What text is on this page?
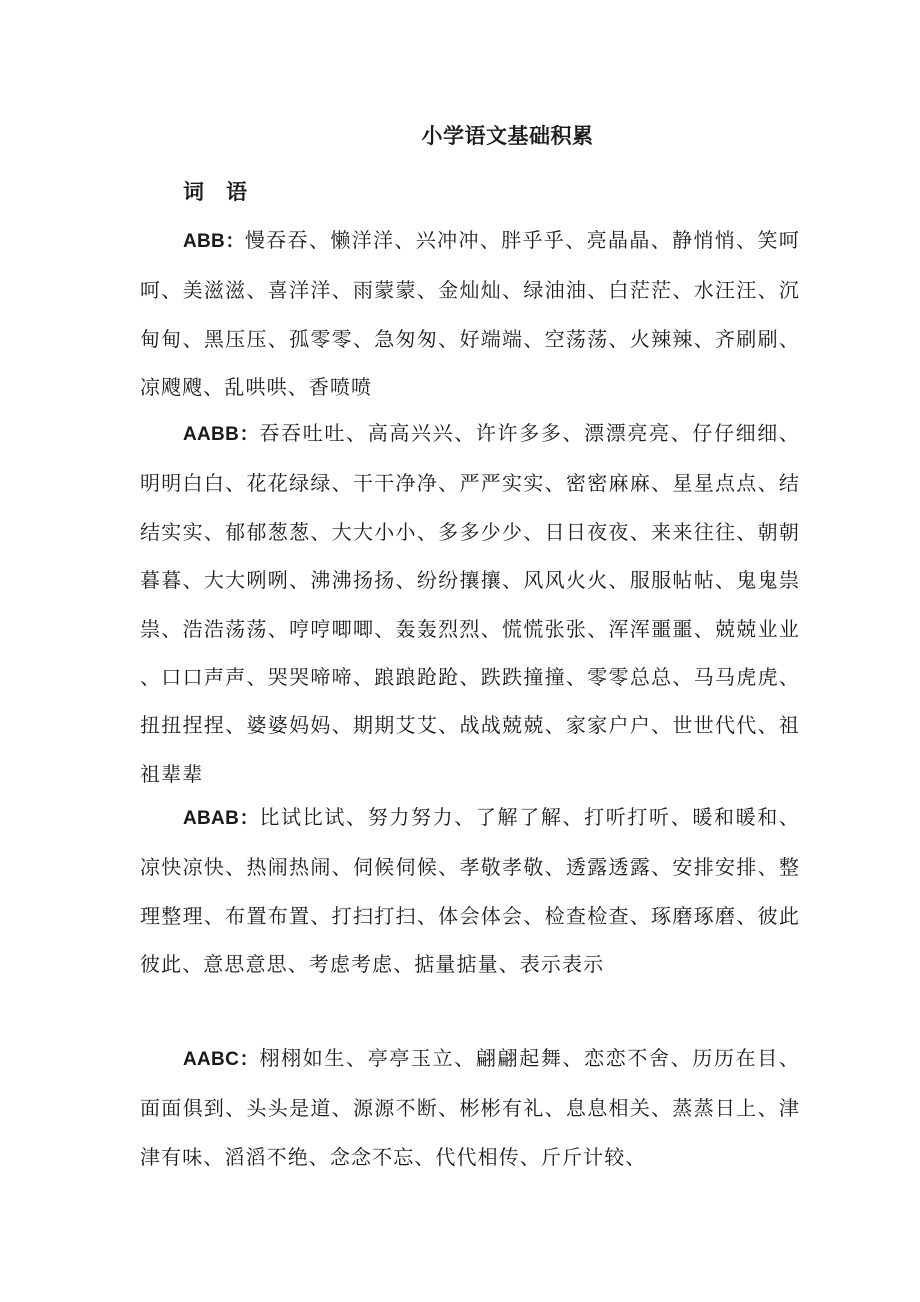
小学语文基础积累
词语

ABB：慢吞吞、懒洋洋、兴冲冲、胖乎乎、亮晶晶、静悄悄、笑呵呵、美滋滋、喜洋洋、雨蒙蒙、金灿灿、绿油油、白茫茫、水汪汪、沉甸甸、黑压压、孤零零、急匆匆、好端端、空荡荡、火辣辣、齐刷刷、凉飕飕、乱哄哄、香喷喷

AABB：吞吞吐吐、高高兴兴、许许多多、漂漂亮亮、仔仔细细、明明白白、花花绿绿、干干净净、严严实实、密密麻麻、星星点点、结结实实、郁郁葱葱、大大小小、多多少少、日日夜夜、来来往往、朝朝暮暮、大大咧咧、沸沸扬扬、纷纷攘攘、风风火火、服服帖帖、鬼鬼祟祟、浩浩荡荡、哼哼唧唧、轰轰烈烈、慌慌张张、浑浑噩噩、兢兢业业、口口声声、哭哭啼啼、踉踉跄跄、跌跌撞撞、零零总总、马马虎虎、扭扭捏捏、婆婆妈妈、期期艾艾、战战兢兢、家家户户、世世代代、祖祖辈辈

ABAB：比试比试、努力努力、了解了解、打听打听、暖和暖和、凉快凉快、热闹热闹、伺候伺候、孝敬孝敬、透露透露、安排安排、整理整理、布置布置、打扫打扫、体会体会、检查检查、琢磨琢磨、彼此彼此、意思意思、考虑考虑、掂量掂量、表示表示

AABC：栩栩如生、亭亭玉立、翩翩起舞、恋恋不舍、历历在目、面面俱到、头头是道、源源不断、彬彬有礼、息息相关、蒸蒸日上、津津有味、滔滔不绝、念念不忘、代代相传、斤斤计较、
